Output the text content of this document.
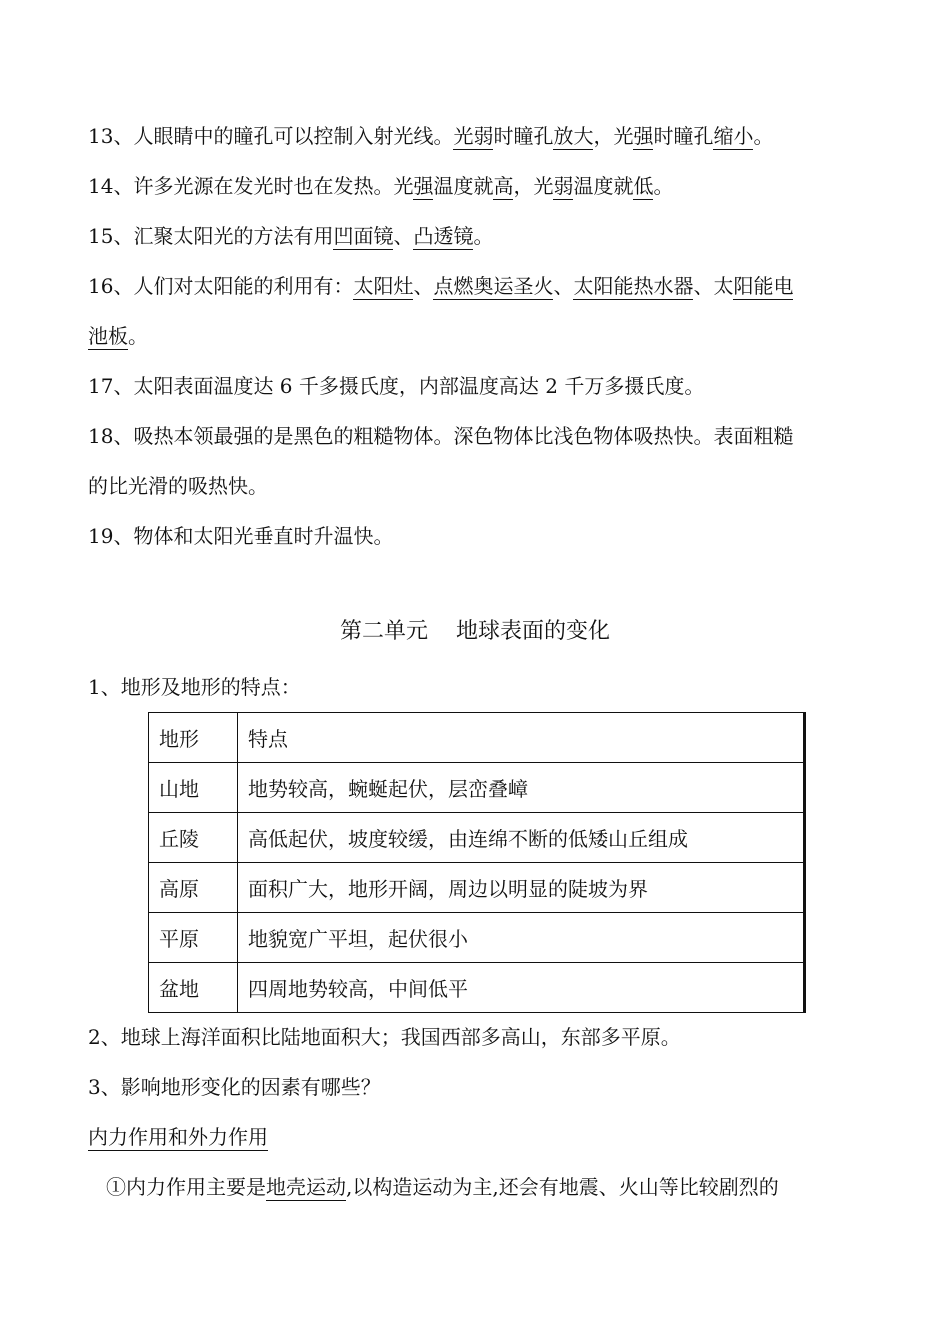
13、人眼睛中的瞳孔可以控制入射光线。光弱时瞳孔放大，光强时瞳孔缩小。
14、许多光源在发光时也在发热。光强温度就高，光弱温度就低。
15、汇聚太阳光的方法有用凹面镜、凸透镜。
16、人们对太阳能的利用有：太阳灶、点燃奥运圣火、太阳能热水器、太阳能电
池板。
17、太阳表面温度达 6 千多摄氏度，内部温度高达 2 千万多摄氏度。
18、吸热本领最强的是黑色的粗糙物体。深色物体比浅色物体吸热快。表面粗糙
的比光滑的吸热快。
19、物体和太阳光垂直时升温快。
第二单元    地球表面的变化
1、地形及地形的特点：
地形	特点
山地	地势较高，蜿蜒起伏，层峦叠嶂
丘陵	高低起伏，坡度较缓，由连绵不断的低矮山丘组成
高原	面积广大，地形开阔，周边以明显的陡坡为界
平原	地貌宽广平坦，起伏很小
盆地	四周地势较高，中间低平
2、地球上海洋面积比陆地面积大；我国西部多高山，东部多平原。
3、影响地形变化的因素有哪些？
内力作用和外力作用
①内力作用主要是地壳运动,以构造运动为主,还会有地震、火山等比较剧烈的
